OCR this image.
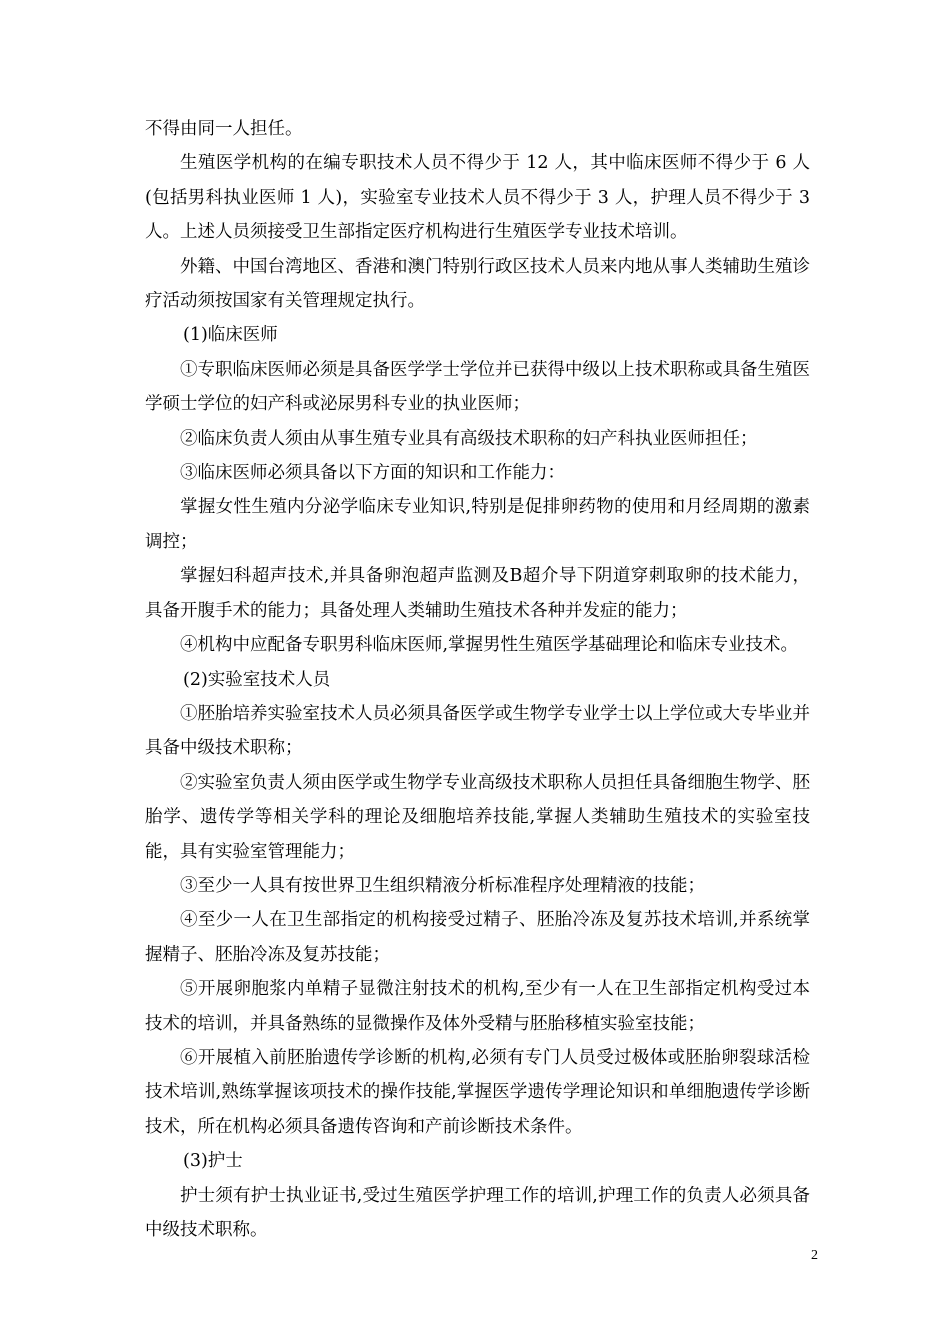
不得由同一人担任。

生殖医学机构的在编专职技术人员不得少于 12 人，其中临床医师不得少于 6 人(包括男科执业医师 1 人)，实验室专业技术人员不得少于 3 人，护理人员不得少于 3 人。上述人员须接受卫生部指定医疗机构进行生殖医学专业技术培训。

外籍、中国台湾地区、香港和澳门特别行政区技术人员来内地从事人类辅助生殖诊疗活动须按国家有关管理规定执行。

(1)临床医师

①专职临床医师必须是具备医学学士学位并已获得中级以上技术职称或具备生殖医学硕士学位的妇产科或泌尿男科专业的执业医师；

②临床负责人须由从事生殖专业具有高级技术职称的妇产科执业医师担任；

③临床医师必须具备以下方面的知识和工作能力：

掌握女性生殖内分泌学临床专业知识,特别是促排卵药物的使用和月经周期的激素调控；

掌握妇科超声技术,并具备卵泡超声监测及B超介导下阴道穿刺取卵的技术能力，具备开腹手术的能力；具备处理人类辅助生殖技术各种并发症的能力；

④机构中应配备专职男科临床医师,掌握男性生殖医学基础理论和临床专业技术。

(2)实验室技术人员

①胚胎培养实验室技术人员必须具备医学或生物学专业学士以上学位或大专毕业并具备中级技术职称；

②实验室负责人须由医学或生物学专业高级技术职称人员担任具备细胞生物学、胚胎学、遗传学等相关学科的理论及细胞培养技能,掌握人类辅助生殖技术的实验室技能，具有实验室管理能力；

③至少一人具有按世界卫生组织精液分析标准程序处理精液的技能；

④至少一人在卫生部指定的机构接受过精子、胚胎冷冻及复苏技术培训,并系统掌握精子、胚胎冷冻及复苏技能；

⑤开展卵胞浆内单精子显微注射技术的机构,至少有一人在卫生部指定机构受过本技术的培训，并具备熟练的显微操作及体外受精与胚胎移植实验室技能；

⑥开展植入前胚胎遗传学诊断的机构,必须有专门人员受过极体或胚胎卵裂球活检技术培训,熟练掌握该项技术的操作技能,掌握医学遗传学理论知识和单细胞遗传学诊断技术，所在机构必须具备遗传咨询和产前诊断技术条件。

(3)护士

护士须有护士执业证书,受过生殖医学护理工作的培训,护理工作的负责人必须具备中级技术职称。

2
